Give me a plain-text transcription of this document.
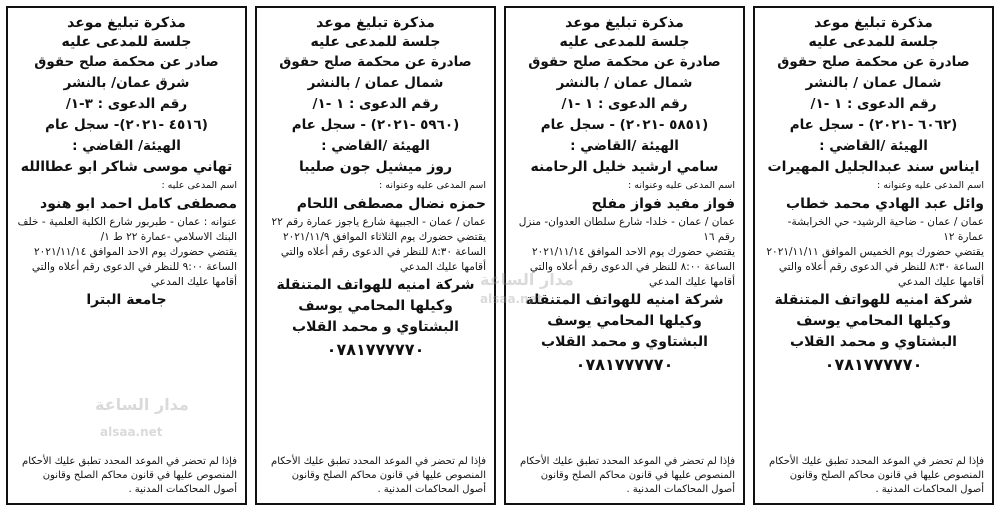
مذكرة تبليغ موعد
جلسة للمدعى عليه
صادرة عن محكمة صلح حقوق
شمال عمان / بالنشر
رقم الدعوى : ١ -١/
(٦٠٦٢ -٢٠٢١) - سجل عام
الهيئة /القاضي :
ايناس سند عبدالجليل المهيرات
اسم المدعى عليه وعنوانه :
وائل عبد الهادي محمد خطاب
عمان / عمان - ضاحية الرشيد- حي الخرابشة- عمارة ١٢
يقتضي حضورك يوم الخميس الموافق ٢٠٢١/١١/١١ الساعة ٨:٣٠ للنظر في الدعوى رقم أعلاه والتي أقامها عليك المدعي
شركة امنيه للهواتف المتنقلة وكيلها المحامي يوسف البشتاوي و محمد القلاب
٠٧٨١٧٧٧٧٧٠
فإذا لم تحضر في الموعد المحدد تطبق عليك الأحكام المنصوص عليها في قانون محاكم الصلح وقانون أصول المحاكمات المدنية .
مذكرة تبليغ موعد
جلسة للمدعى عليه
صادرة عن محكمة صلح حقوق
شمال عمان / بالنشر
رقم الدعوى : ١ -١/
(٥٨٥١ -٢٠٢١) - سجل عام
الهيئة /القاضي :
سامي ارشيد خليل الرحامنه
اسم المدعى عليه وعنوانه :
فواز مفيد فواز مفلح
عمان / عمان - خلدا- شارع سلطان العدوان- منزل رقم ١٦
يقتضي حضورك يوم الاحد الموافق ٢٠٢١/١١/١٤ الساعة ٨:٠٠ للنظر في الدعوى رقم أعلاه والتي أقامها عليك المدعي
شركة امنيه للهواتف المتنقلة وكيلها المحامي يوسف البشتاوي و محمد القلاب
٠٧٨١٧٧٧٧٧٠
فإذا لم تحضر في الموعد المحدد تطبق عليك الأحكام المنصوص عليها في قانون محاكم الصلح وقانون أصول المحاكمات المدنية .
مذكرة تبليغ موعد
جلسة للمدعى عليه
صادرة عن محكمة صلح حقوق
شمال عمان / بالنشر
رقم الدعوى : ١ -١/
(٥٩٦٠ -٢٠٢١) - سجل عام
الهيئة /القاضي :
روز ميشيل جون صليبا
اسم المدعى عليه وعنوانه :
حمزه نضال مصطفى اللحام
عمان / عمان - الجبيهة شارع ياجوز عمارة رقم ٢٢
يقتضي حضورك يوم الثلاثاء الموافق ٢٠٢١/١١/٩ الساعة ٨:٣٠ للنظر في الدعوى رقم أعلاه والتي أقامها عليك المدعي
شركة امنيه للهواتف المتنقلة وكيلها المحامي يوسف البشتاوي و محمد القلاب
٠٧٨١٧٧٧٧٧٠
فإذا لم تحضر في الموعد المحدد تطبق عليك الأحكام المنصوص عليها في قانون محاكم الصلح وقانون أصول المحاكمات المدنية .
مذكرة تبليغ موعد
جلسة للمدعى عليه
صادر عن محكمة صلح حقوق
شرق عمان/ بالنشر
رقم الدعوى : ٣-١/
(٤٥١٦ -٢٠٢١)- سجل عام
الهيئة/ القاضي :
تهاني موسى شاكر ابو عطاالله
اسم المدعى عليه :
مصطفى كامل احمد ابو هنود
عنوانه : عمان - طبربور شارع الكلية العلمية - خلف البنك الاسلامي -عمارة ٢٢ ط ١/
يقتضي حضورك يوم الاحد الموافق ٢٠٢١/١١/١٤ الساعة ٩:٠٠ للنظر في الدعوى رقم أعلاه والتي أقامها عليك المدعي
جامعة البترا
فإذا لم تحضر في الموعد المحدد تطبق عليك الأحكام المنصوص عليها في قانون محاكم الصلح وقانون أصول المحاكمات المدنية .
مدار الساعة
alsaa.net
مدار الساعة
alsaa.net
